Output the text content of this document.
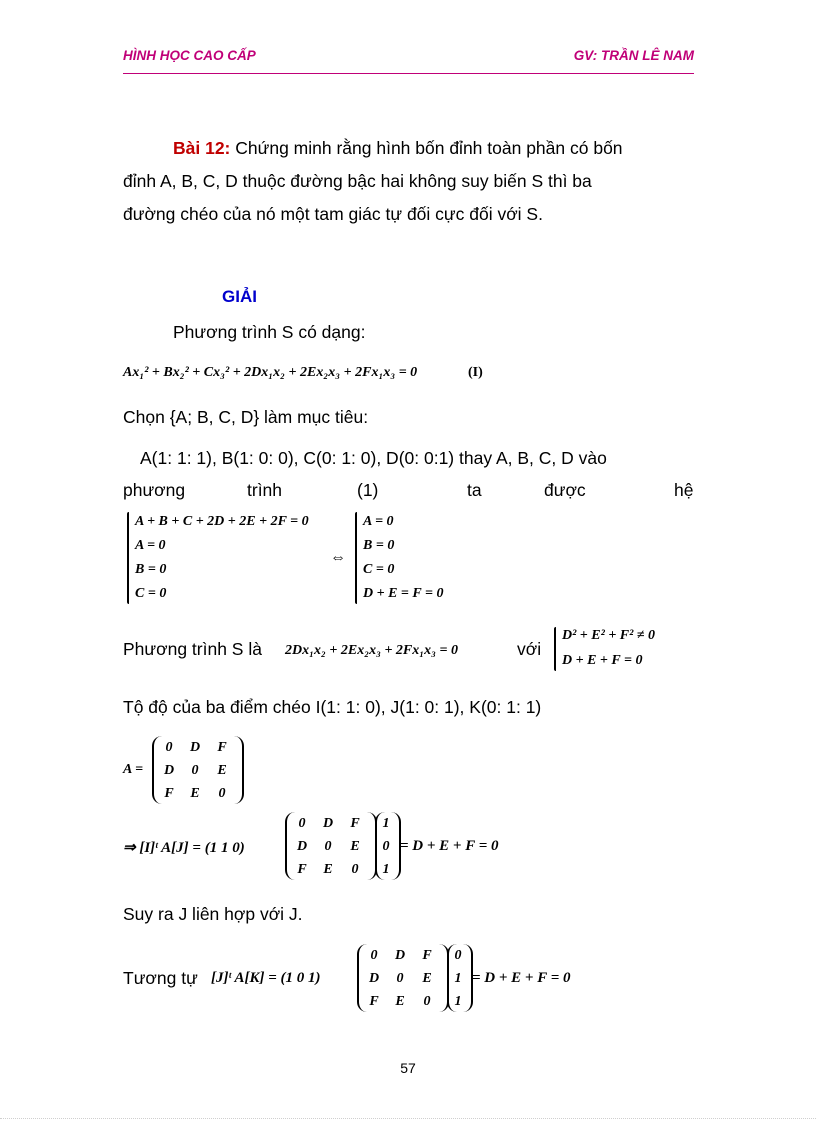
HÌNH HỌC CAO CẤP	GV: TRẦN LÊ NAM
Bài 12: Chứng minh rằng hình bốn đỉnh toàn phần có bốn
đỉnh A, B, C, D thuộc đường bậc hai không suy biến S thì ba
đường chéo của nó một tam giác tự đối cực đối với S.
GIẢI
Phương trình S có dạng:
Ax₁² + Bx₂² + Cx₃² + 2Dx₁x₂ + 2Ex₂x₃ + 2Fx₁x₃ = 0	(I)
Chọn {A; B, C, D} làm mục tiêu:
A(1: 1: 1), B(1: 0: 0), C(0: 1: 0), D(0: 0:1) thay A, B, C, D vào
phương	trình	(1)	ta	được	hệ
A + B + C + 2D + 2E + 2F = 0
A = 0
B = 0
C = 0
⇔
A = 0
B = 0
C = 0
D + E = F = 0
Phương trình S là 2Dx₁x₂ + 2Ex₂x₃ + 2Fx₁x₃ = 0	với
D² + E² + F² ≠ 0
D + E + F = 0
Tộ độ của ba điểm chéo I(1: 1: 0), J(1: 0: 1), K(0: 1: 1)
A =
0	D	F
D	0	E
F	E	0
⇒ [I]ᵗ A[J] = (1 1 0)
0	D	F
D	0	E
F	E	0
1
0
1
= D + E + F = 0
Suy ra J liên hợp với J.
Tương tự [J]ᵗ A[K] = (1 0 1)
0	D	F
D	0	E
F	E	0
0
1
1
= D + E + F = 0
57
